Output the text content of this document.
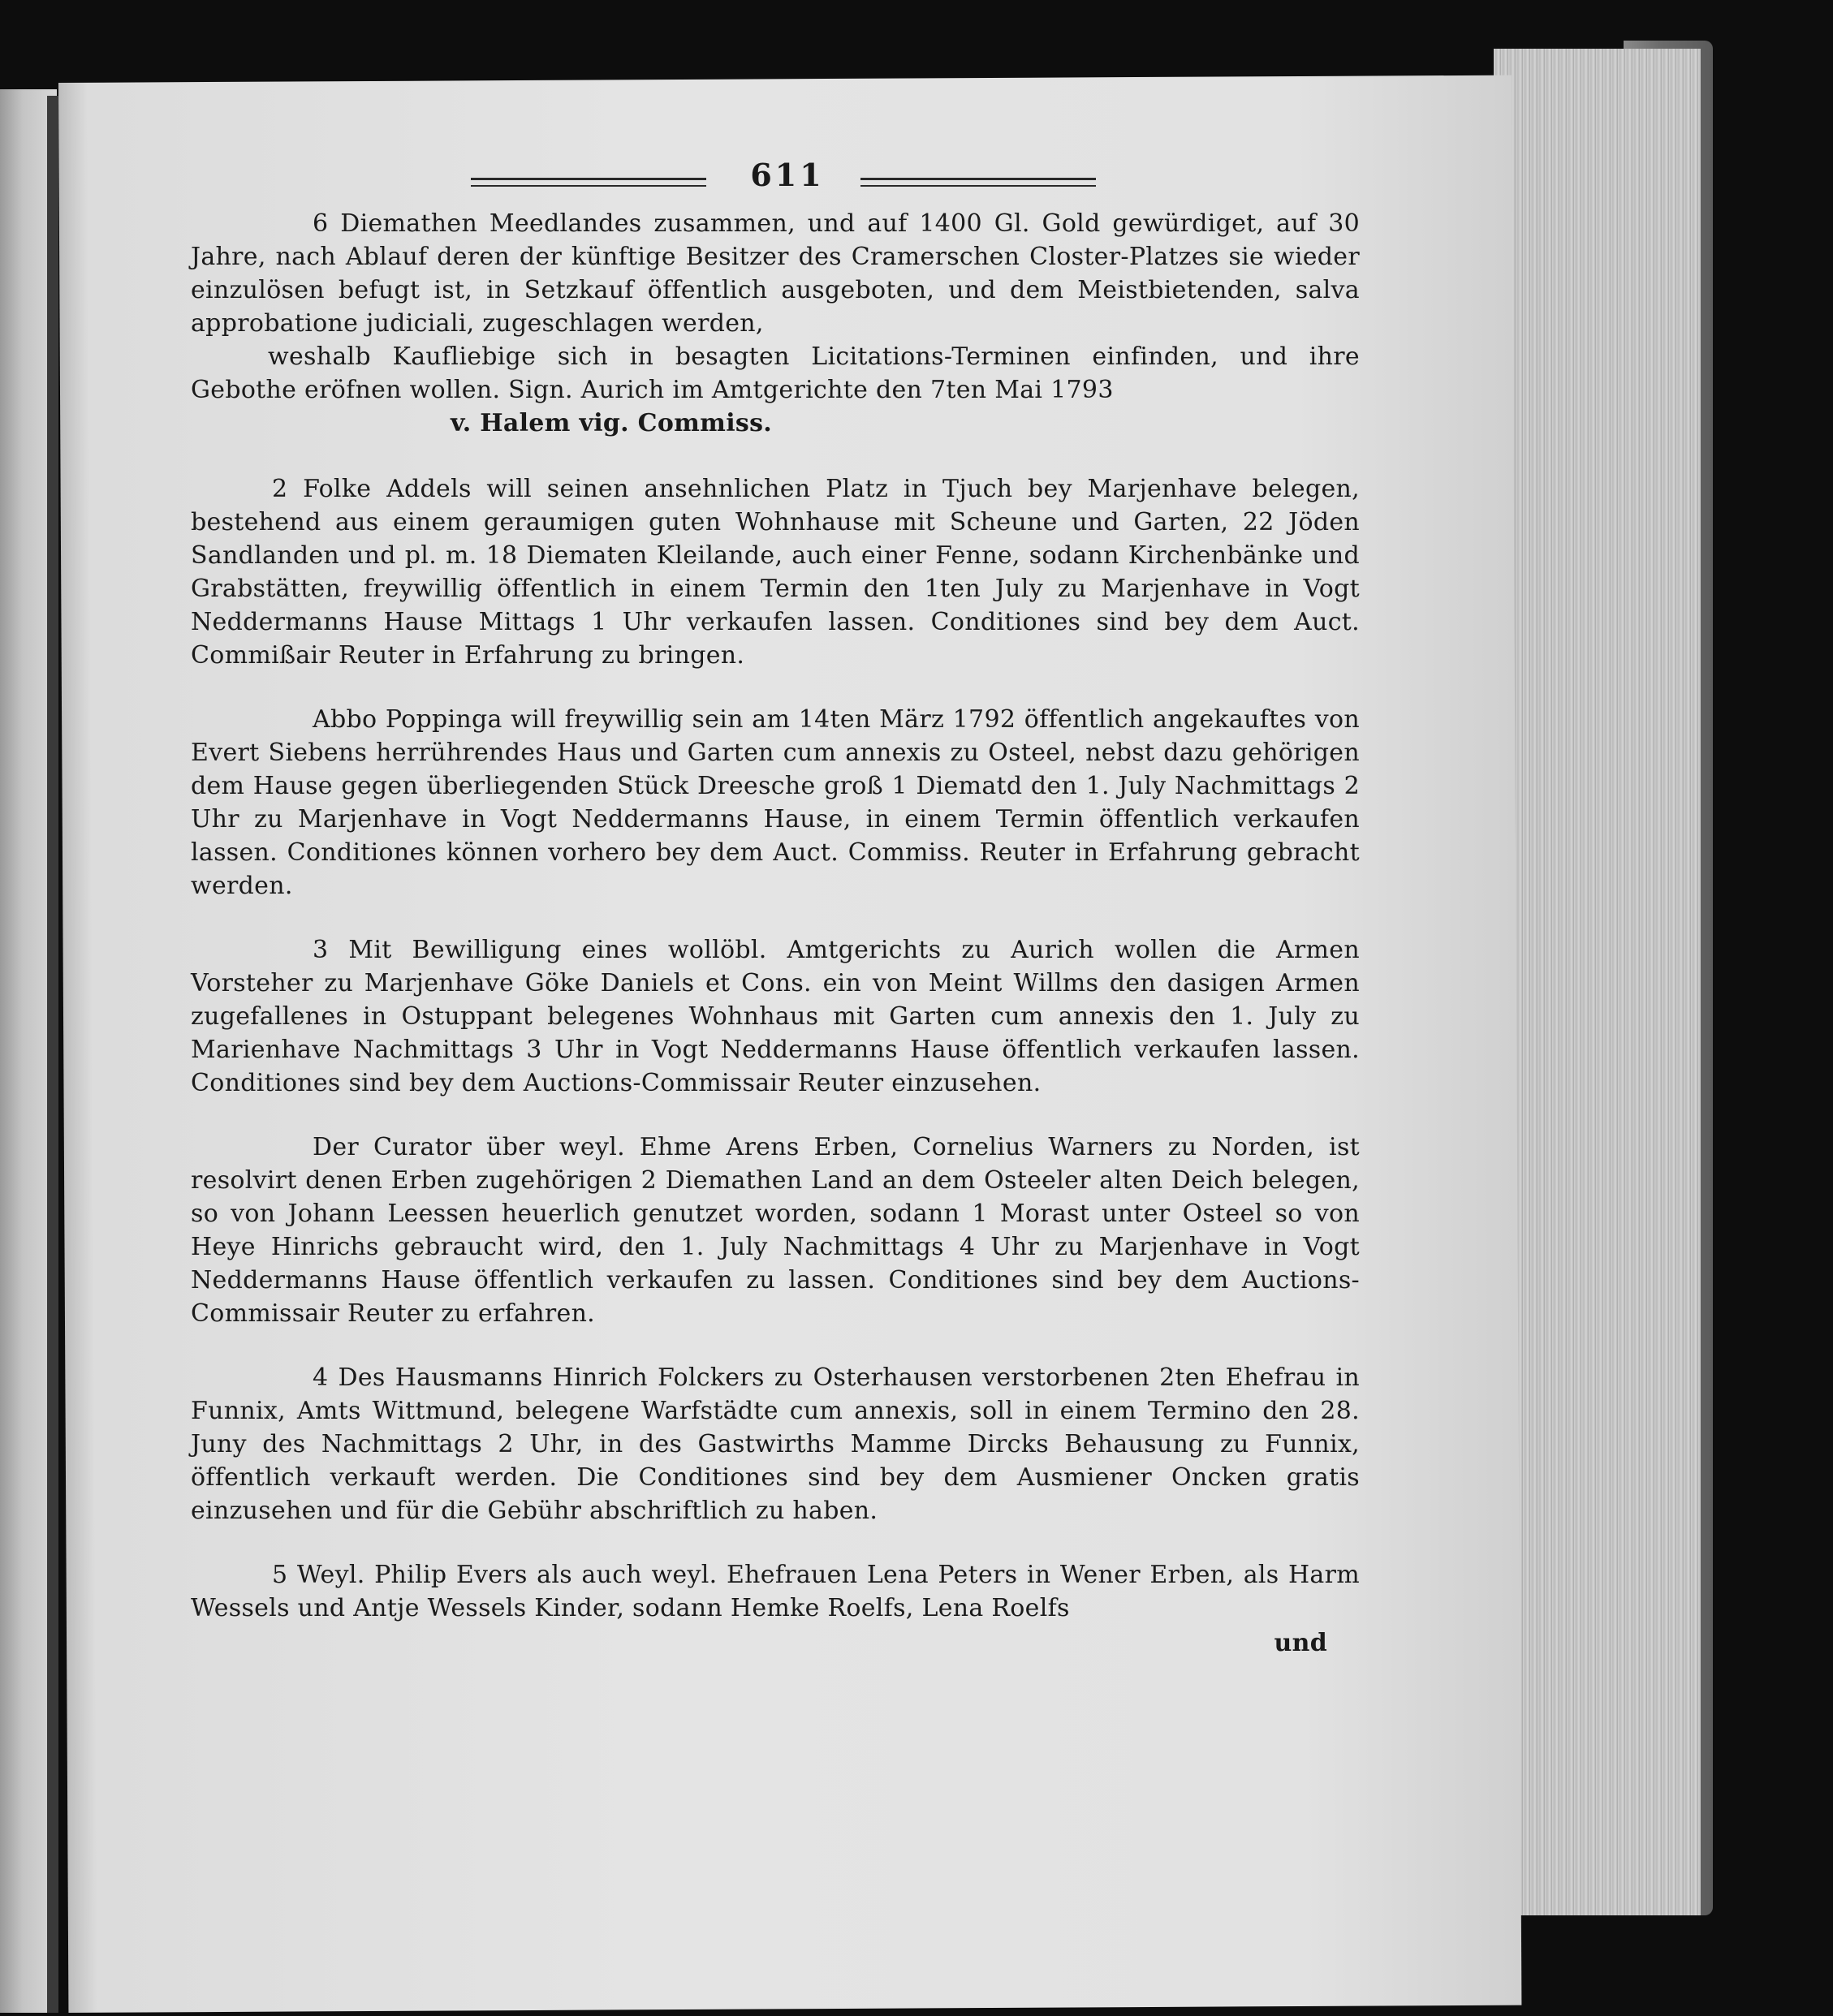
611

6 Diemathen Meedlandes zusammen, und auf 1400 Gl. Gold gewürdiget, auf 30 Jahre, nach Ablauf deren der künftige Besitzer des Cramerschen Closter-Platzes sie wieder einzulösen befugt ist, in Setzkauf öffentlich ausgeboten, und dem Meistbietenden, salva approbatione judiciali, zugeschlagen werden,
weshalb Kaufliebige sich in besagten Licitations-Terminen einfinden, und ihre Gebothe eröfnen wollen. Sign. Aurich im Amtgerichte den 7ten Mai 1793
v. Halem vig. Commiss.

2 Folke Addels will seinen ansehnlichen Platz in Tjuch bey Marjenhave belegen, bestehend aus einem geraumigen guten Wohnhause mit Scheune und Garten, 22 Jöden Sandlanden und pl. m. 18 Diematen Kleilande, auch einer Fenne, sodann Kirchenbänke und Grabstätten, freywillig öffentlich in einem Termin den 1ten July zu Marjenhave in Vogt Neddermanns Hause Mittags 1 Uhr verkaufen lassen. Conditiones sind bey dem Auct. Commißair Reuter in Erfahrung zu bringen.

Abbo Poppinga will freywillig sein am 14ten März 1792 öffentlich angekauftes von Evert Siebens herrührendes Haus und Garten cum annexis zu Osteel, nebst dazu gehörigen dem Hause gegen überliegenden Stück Dreesche groß 1 Diematd den 1. July Nachmittags 2 Uhr zu Marjenhave in Vogt Neddermanns Hause, in einem Termin öffentlich verkaufen lassen. Conditiones können vorhero bey dem Auct. Commiss. Reuter in Erfahrung gebracht werden.

3 Mit Bewilligung eines wollöbl. Amtgerichts zu Aurich wollen die Armen Vorsteher zu Marjenhave Göke Daniels et Cons. ein von Meint Willms den dasigen Armen zugefallenes in Ostuppant belegenes Wohnhaus mit Garten cum annexis den 1. July zu Marienhave Nachmittags 3 Uhr in Vogt Neddermanns Hause öffentlich verkaufen lassen. Conditiones sind bey dem Auctions-Commissair Reuter einzusehen.

Der Curator über weyl. Ehme Arens Erben, Cornelius Warners zu Norden, ist resolvirt denen Erben zugehörigen 2 Diemathen Land an dem Osteeler alten Deich belegen, so von Johann Leessen heuerlich genutzet worden, sodann 1 Morast unter Osteel so von Heye Hinrichs gebraucht wird, den 1. July Nachmittags 4 Uhr zu Marjenhave in Vogt Neddermanns Hause öffentlich verkaufen zu lassen. Conditiones sind bey dem Auctions-Commissair Reuter zu erfahren.

4 Des Hausmanns Hinrich Folckers zu Osterhausen verstorbenen 2ten Ehefrau in Funnix, Amts Wittmund, belegene Warfstädte cum annexis, soll in einem Termino den 28. Juny des Nachmittags 2 Uhr, in des Gastwirths Mamme Dircks Behausung zu Funnix, öffentlich verkauft werden. Die Conditiones sind bey dem Ausmiener Oncken gratis einzusehen und für die Gebühr abschriftlich zu haben.

5 Weyl. Philip Evers als auch weyl. Ehefrauen Lena Peters in Wener Erben, als Harm Wessels und Antje Wessels Kinder, sodann Hemke Roelfs, Lena Roelfs

und
